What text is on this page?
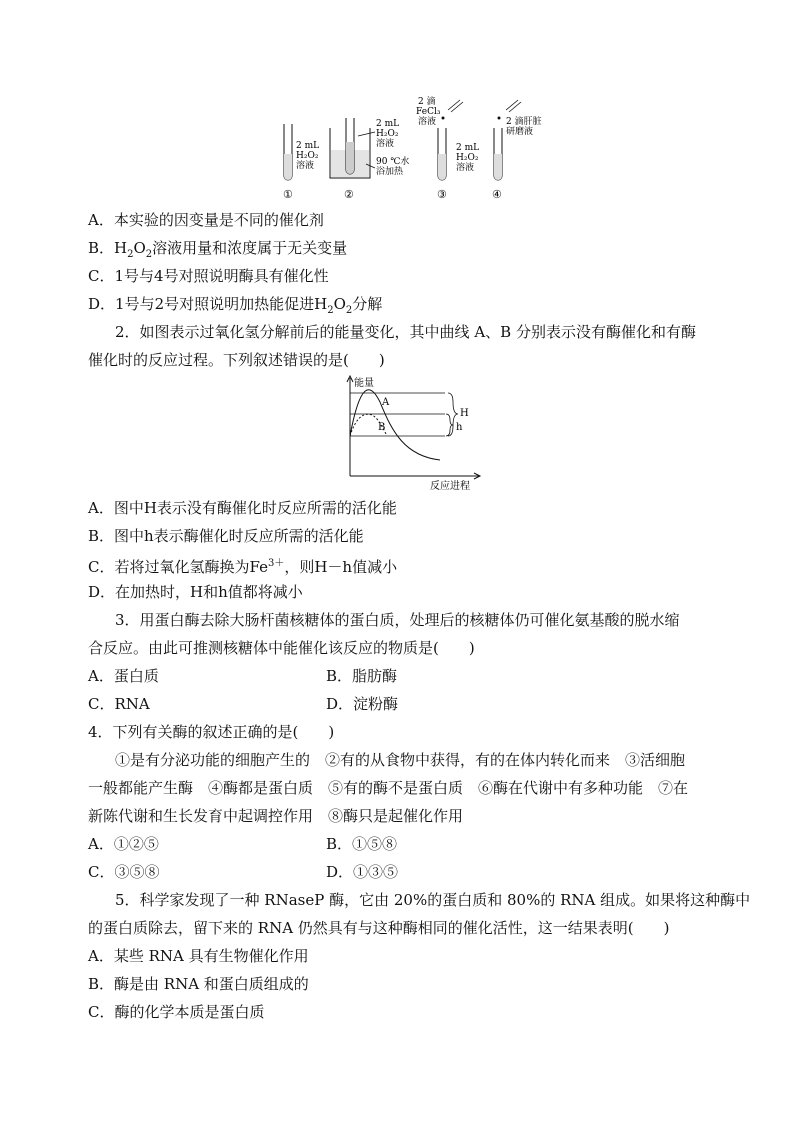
2 mL
H₂O₂
溶液
①
2 mL
H₂O₂
溶液
90 ℃水
浴加热
②
2 滴
FeCl₃
溶液
2 mL
H₂O₂
溶液
③
2 滴肝脏
研磨液
④
A．本实验的因变量是不同的催化剂
B．$H_2O_2$溶液用量和浓度属于无关变量
C．1号与4号对照说明酶具有催化性
D．1号与2号对照说明加热能促进$H_2O_2$分解
2．如图表示过氧化氢分解前后的能量变化，其中曲线 A、B 分别表示没有酶催化和有酶
催化时的反应过程。下列叙述错误的是(　　)
能量
反应进程
A
B
H
h
A．图中H表示没有酶催化时反应所需的活化能
B．图中h表示酶催化时反应所需的活化能
C．若将过氧化氢酶换为$Fe^{3+}$，则H－h值减小
D．在加热时，H和h值都将减小
3．用蛋白酶去除大肠杆菌核糖体的蛋白质，处理后的核糖体仍可催化氨基酸的脱水缩
合反应。由此可推测核糖体中能催化该反应的物质是(　　)
A．蛋白质	B．脂肪酶
C．RNA	D．淀粉酶
4．下列有关酶的叙述正确的是(　　)
①是有分泌功能的细胞产生的　②有的从食物中获得，有的在体内转化而来　③活细胞
一般都能产生酶　④酶都是蛋白质　⑤有的酶不是蛋白质　⑥酶在代谢中有多种功能　⑦在
新陈代谢和生长发育中起调控作用　⑧酶只是起催化作用
A．①②⑤	B．①⑤⑧
C．③⑤⑧	D．①③⑤
5．科学家发现了一种 RNaseP 酶，它由 20%的蛋白质和 80%的 RNA 组成。如果将这种酶中
的蛋白质除去，留下来的 RNA 仍然具有与这种酶相同的催化活性，这一结果表明(　　)
A．某些 RNA 具有生物催化作用
B．酶是由 RNA 和蛋白质组成的
C．酶的化学本质是蛋白质
